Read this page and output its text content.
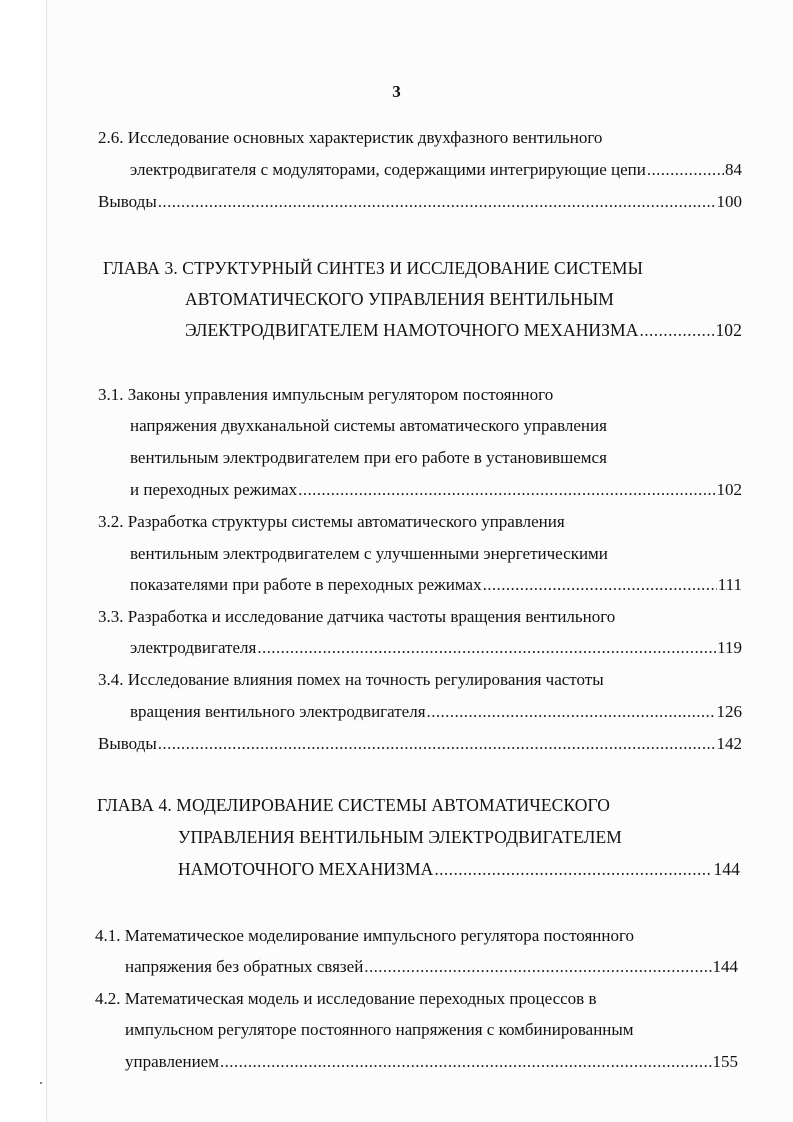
3
2.6. Исследование основных характеристик двухфазного вентильного
электродвигателя с модуляторами, содержащими интегрирующие цепи .....	84
Выводы .....	100
ГЛАВА 3. СТРУКТУРНЫЙ СИНТЕЗ И ИССЛЕДОВАНИЕ СИСТЕМЫ
АВТОМАТИЧЕСКОГО УПРАВЛЕНИЯ ВЕНТИЛЬНЫМ
ЭЛЕКТРОДВИГАТЕЛЕМ НАМОТОЧНОГО МЕХАНИЗМА .....	102
3.1. Законы управления импульсным регулятором постоянного
напряжения двухканальной системы автоматического управления
вентильным электродвигателем при его работе в установившемся
и переходных режимах .....	102
3.2. Разработка структуры системы автоматического управления
вентильным электродвигателем с улучшенными энергетическими
показателями при работе в переходных режимах .....	111
3.3. Разработка и исследование датчика частоты вращения вентильного
электродвигателя .....	119
3.4. Исследование влияния помех на точность регулирования частоты
вращения вентильного электродвигателя .....	126
Выводы .....	142
ГЛАВА 4. МОДЕЛИРОВАНИЕ СИСТЕМЫ АВТОМАТИЧЕСКОГО
УПРАВЛЕНИЯ ВЕНТИЛЬНЫМ ЭЛЕКТРОДВИГАТЕЛЕМ
НАМОТОЧНОГО МЕХАНИЗМА .....	144
4.1. Математическое моделирование импульсного регулятора постоянного
напряжения без обратных связей .....	144
4.2. Математическая модель и исследование переходных процессов в
импульсном регуляторе постоянного напряжения с комбинированным
управлением .....	155
